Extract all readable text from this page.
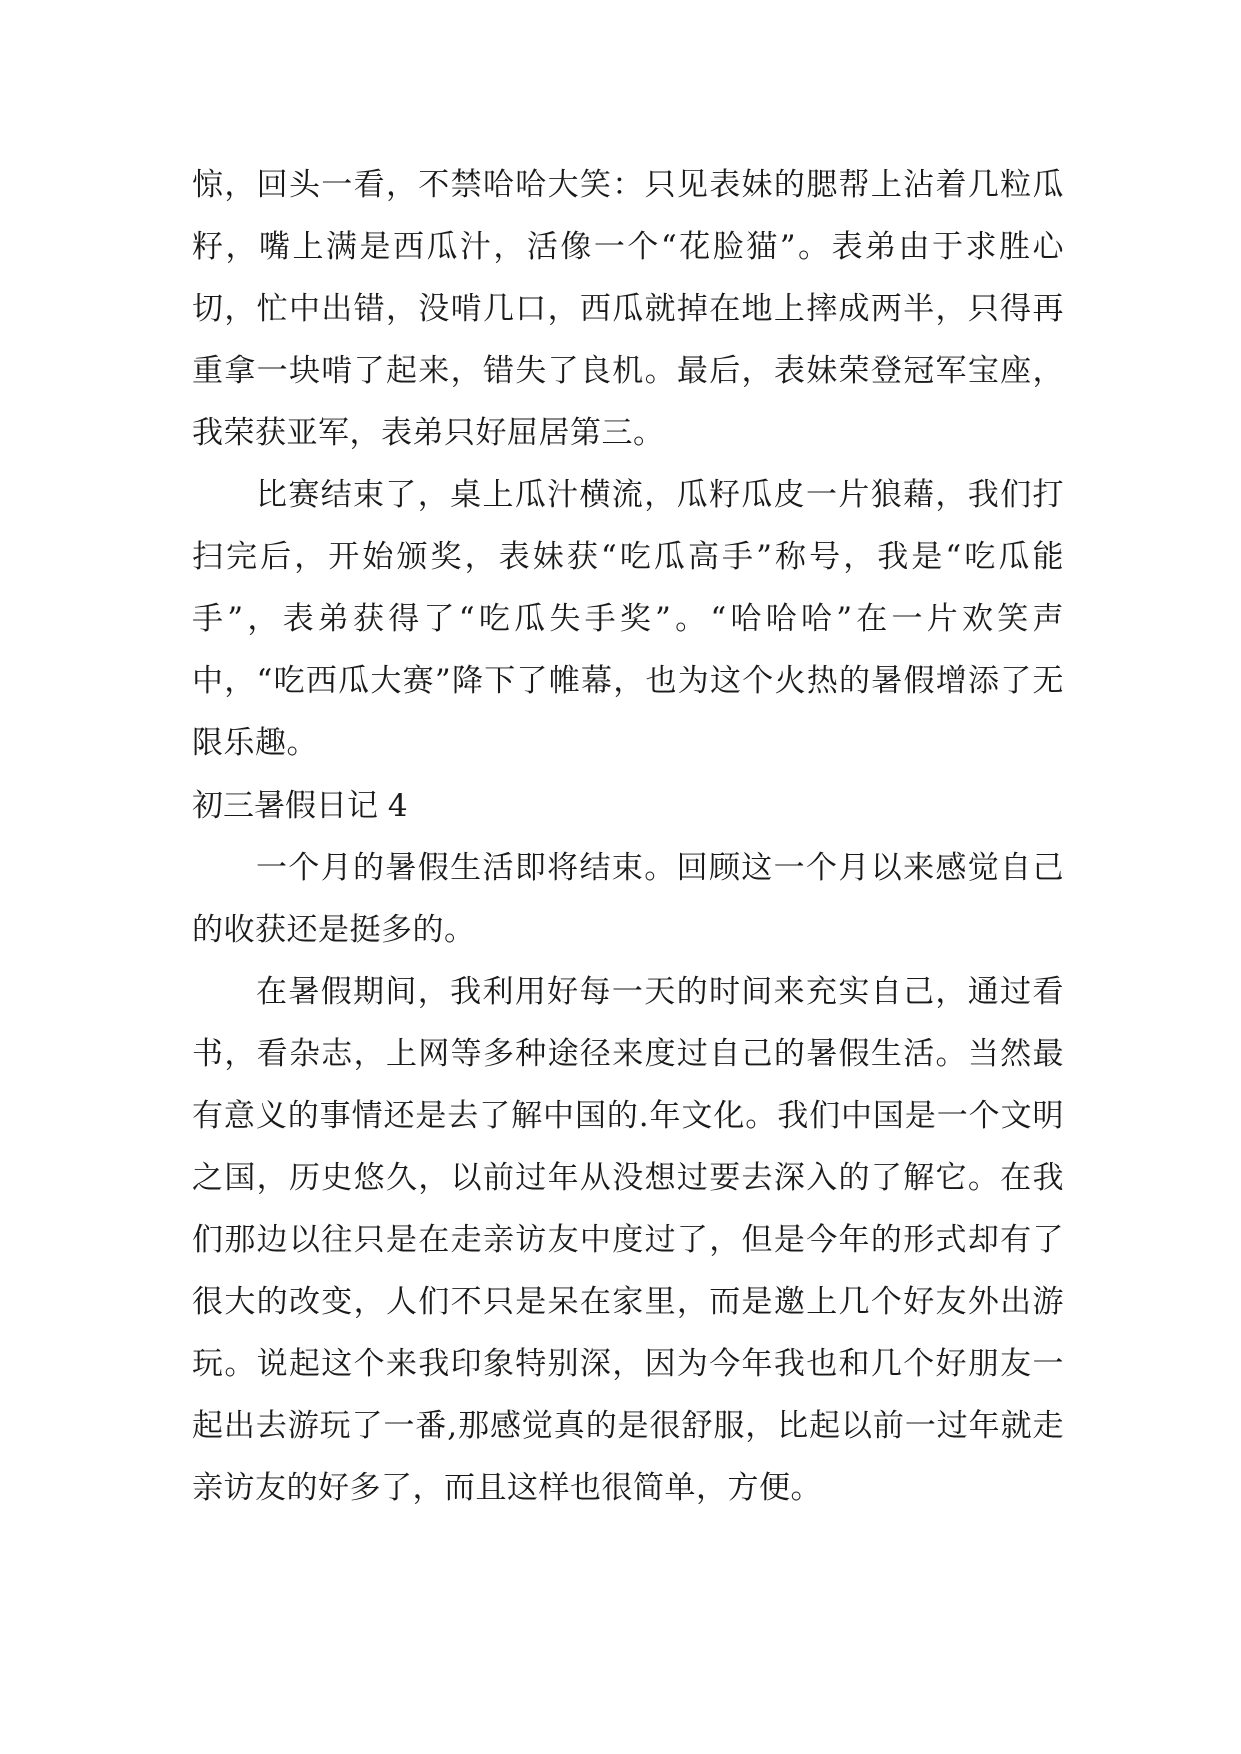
惊，回头一看，不禁哈哈大笑：只见表妹的腮帮上沾着几粒瓜籽，嘴上满是西瓜汁，活像一个“花脸猫”。表弟由于求胜心切，忙中出错，没啃几口，西瓜就掉在地上摔成两半，只得再重拿一块啃了起来，错失了良机。最后，表妹荣登冠军宝座，我荣获亚军，表弟只好屈居第三。

比赛结束了，桌上瓜汁横流，瓜籽瓜皮一片狼藉，我们打扫完后，开始颁奖，表妹获“吃瓜高手”称号，我是“吃瓜能手”，表弟获得了“吃瓜失手奖”。“哈哈哈”在一片欢笑声中，“吃西瓜大赛”降下了帷幕，也为这个火热的暑假增添了无限乐趣。

初三暑假日记 4

一个月的暑假生活即将结束。回顾这一个月以来感觉自己的收获还是挺多的。

在暑假期间，我利用好每一天的时间来充实自己，通过看书，看杂志，上网等多种途径来度过自己的暑假生活。当然最有意义的事情还是去了解中国的.年文化。我们中国是一个文明之国，历史悠久，以前过年从没想过要去深入的了解它。在我们那边以往只是在走亲访友中度过了，但是今年的形式却有了很大的改变，人们不只是呆在家里，而是邀上几个好友外出游玩。说起这个来我印象特别深，因为今年我也和几个好朋友一起出去游玩了一番,那感觉真的是很舒服，比起以前一过年就走亲访友的好多了，而且这样也很简单，方便。
